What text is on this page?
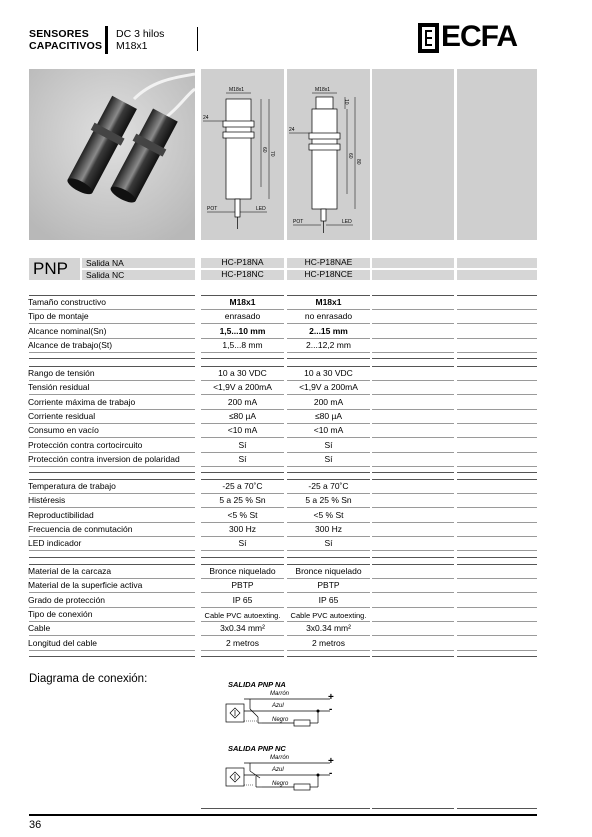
SENSORES
CAPACITIVOS
DC 3 hilos
M18x1	ECFA
M18x1
24
60
70
POT	LED
M18x1
24
10
60
80
POT	LED
PNP	Salida NA
Salida NC
HC-P18NA	HC-P18NAE
HC-P18NC	HC-P18NCE
Tamaño constructivo	M18x1	M18x1
Tipo de montaje	enrasado	no enrasado
Alcance nominal(Sn)	1,5...10 mm	2...15 mm
Alcance de trabajo(St)	1,5...8 mm	2...12,2 mm
Rango de tensión	10 a 30 VDC	10 a 30 VDC
Tensión residual	<1,9V a 200mA	<1,9V a 200mA
Corriente máxima de trabajo	200 mA	200 mA
Corriente residual	≤80 µA	≤80 µA
Consumo en vacío	<10 mA	<10 mA
Protección contra cortocircuito	Sí	Sí
Protección contra inversion de polaridad	Sí	Sí
Temperatura de trabajo	-25 a 70˚C	-25 a 70˚C
Histéresis	5 a 25 % Sn	5 a 25 % Sn
Reproductibilidad	<5 % St	<5 % St
Frecuencia de conmutación	300 Hz	300 Hz
LED indicador	Sí	Sí
Material de la carcaza	Bronce niquelado	Bronce niquelado
Material de la superficie activa	PBTP	PBTP
Grado de protección	IP 65	IP 65
Tipo de conexión	Cable PVC autoexting.	Cable PVC autoexting.
Cable	3x0.34 mm²	3x0.34 mm²
Longitud del cable	2 metros	2 metros
Diagrama de conexión:	SALIDA PNP NA
Marrón
Azul
Negro
+
-
SALIDA PNP NC
Marrón
Azul
Negro
+
-
36
